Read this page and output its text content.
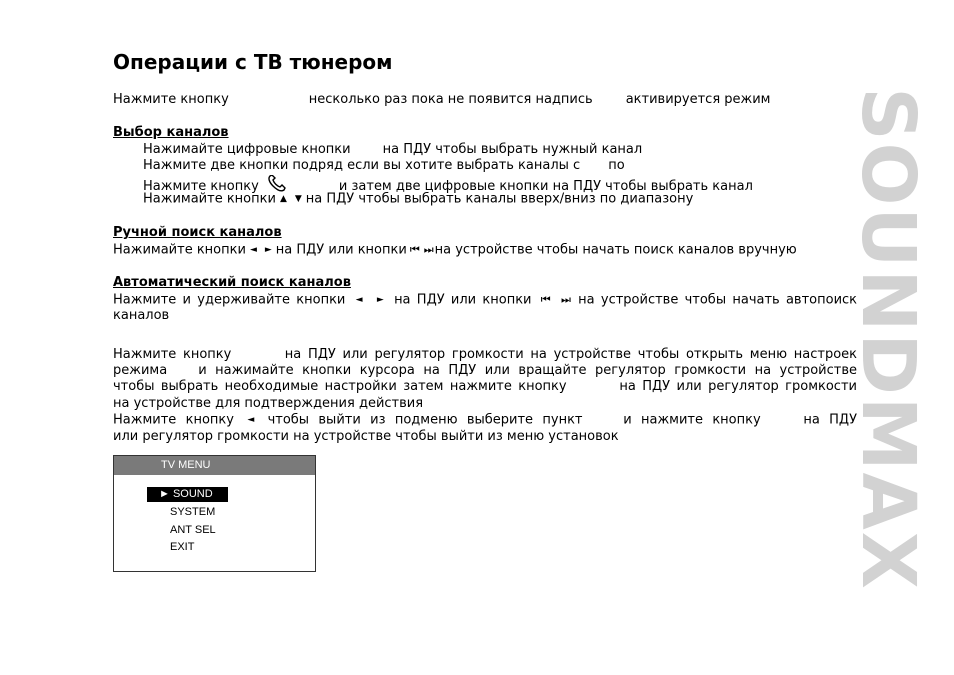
Операции с ТВ тюнером
Нажмите кнопку	несколько раз пока не появится надпись	активируется режим
Выбор каналов
Нажимайте цифровые кнопки на ПДУ чтобы выбрать нужный канал
Нажмите две кнопки подряд если вы хотите выбрать каналы с по
Нажмите кнопку	и затем две цифровые кнопки на ПДУ чтобы выбрать канал
Нажимайте кнопки ▲ ▼ на ПДУ чтобы выбрать каналы вверх/вниз по диапазону
Ручной поиск каналов
Нажимайте кнопки ◄ ► на ПДУ или кнопки ⏮ ⏭ на устройстве чтобы начать поиск каналов вручную
Автоматический поиск каналов
Нажмите и удерживайте кнопки ◄ ► на ПДУ или кнопки ⏮ ⏭ на устройстве чтобы начать автопоиск
каналов
Нажмите кнопку	на ПДУ или регулятор громкости на устройстве чтобы открыть меню настроек
режима и нажимайте кнопки курсора на ПДУ или вращайте регулятор громкости на устройстве
чтобы выбрать необходимые настройки затем нажмите кнопку	на ПДУ или регулятор громкости
на устройстве для подтверждения действия
Нажмите кнопку ◄ чтобы выйти из подменю выберите пункт	и нажмите кнопку	на ПДУ
или регулятор громкости на устройстве чтобы выйти из меню установок
TV MENU
► SOUND
SYSTEM
ANT SEL
EXIT	SOUNDMAX
